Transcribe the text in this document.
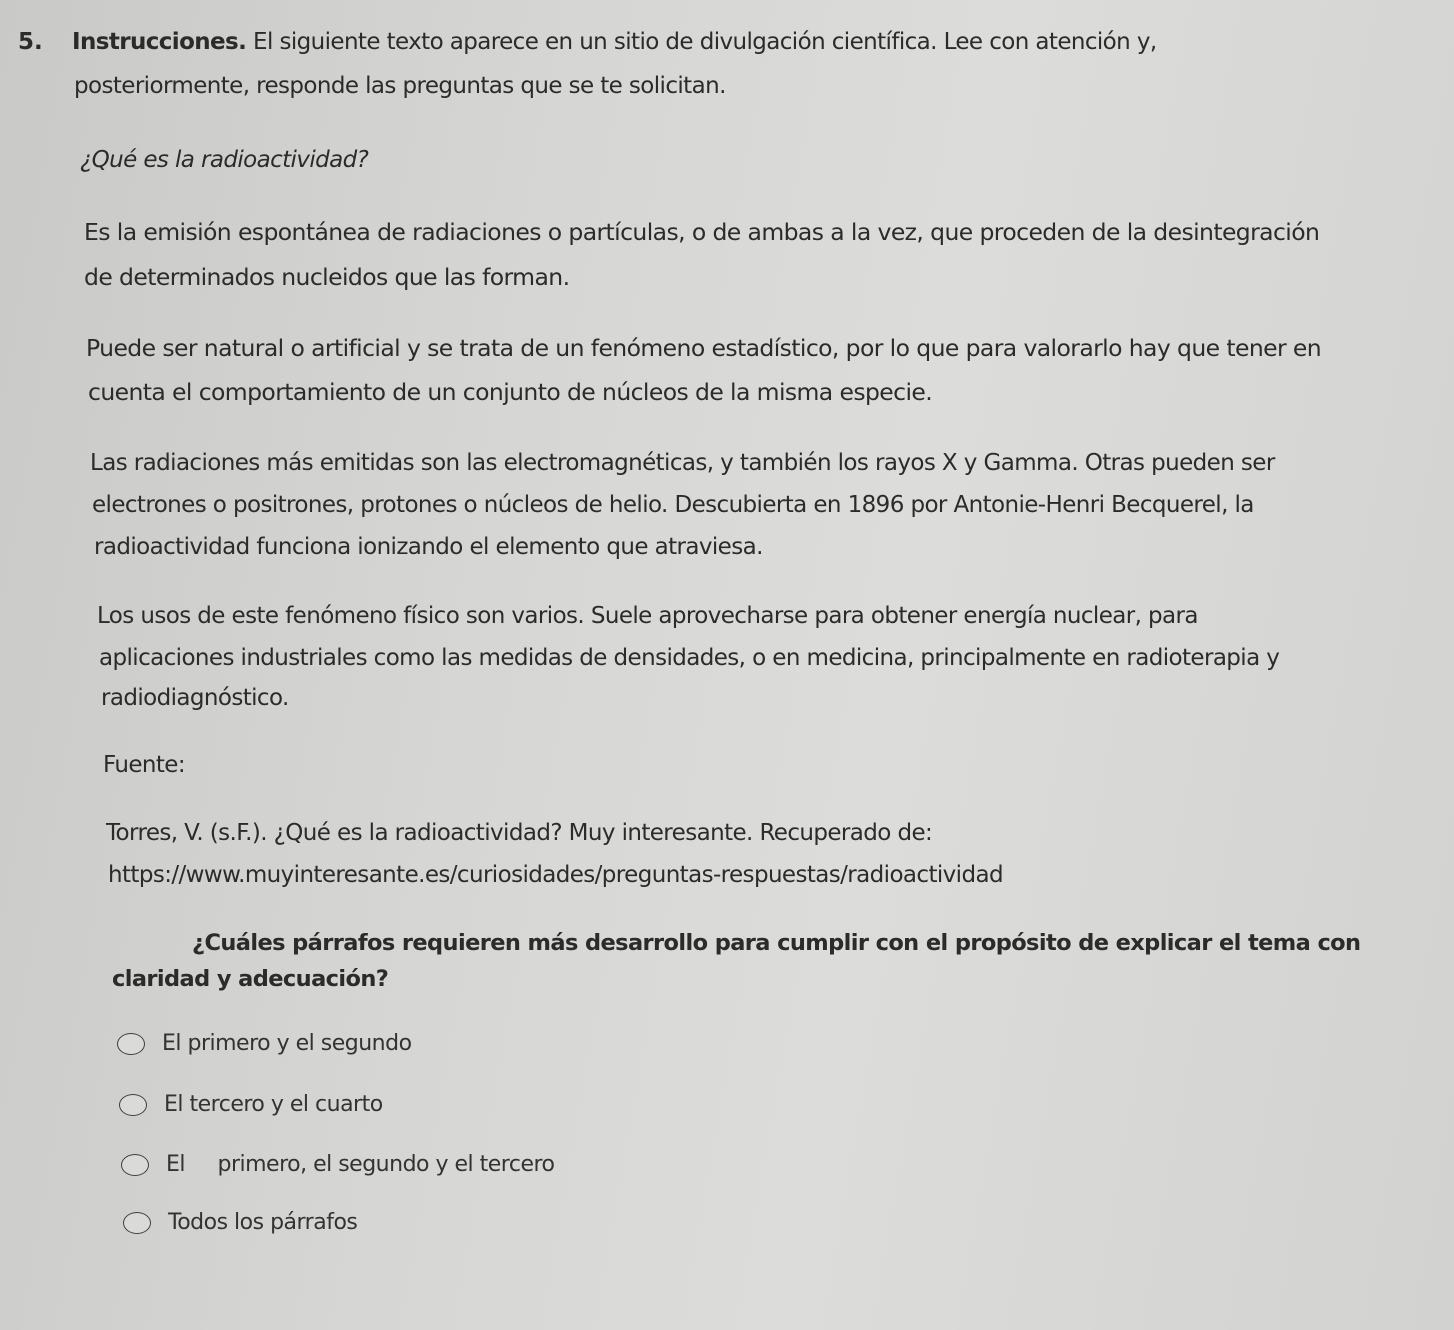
5. Instrucciones. El siguiente texto aparece en un sitio de divulgación científica. Lee con atención y,
posteriormente, responde las preguntas que se te solicitan.
¿Qué es la radioactividad?
Es la emisión espontánea de radiaciones o partículas, o de ambas a la vez, que proceden de la desintegración
de determinados nucleidos que las forman.
Puede ser natural o artificial y se trata de un fenómeno estadístico, por lo que para valorarlo hay que tener en
cuenta el comportamiento de un conjunto de núcleos de la misma especie.
Las radiaciones más emitidas son las electromagnéticas, y también los rayos X y Gamma. Otras pueden ser
electrones o positrones, protones o núcleos de helio. Descubierta en 1896 por Antonie-Henri Becquerel, la
radioactividad funciona ionizando el elemento que atraviesa.
Los usos de este fenómeno físico son varios. Suele aprovecharse para obtener energía nuclear, para
aplicaciones industriales como las medidas de densidades, o en medicina, principalmente en radioterapia y
radiodiagnóstico.
Fuente:
Torres, V. (s.F.). ¿Qué es la radioactividad? Muy interesante. Recuperado de:
https://www.muyinteresante.es/curiosidades/preguntas-respuestas/radioactividad
¿Cuáles párrafos requieren más desarrollo para cumplir con el propósito de explicar el tema con
claridad y adecuación?
El primero y el segundo
El tercero y el cuarto
El     primero, el segundo y el tercero
Todos los párrafos
